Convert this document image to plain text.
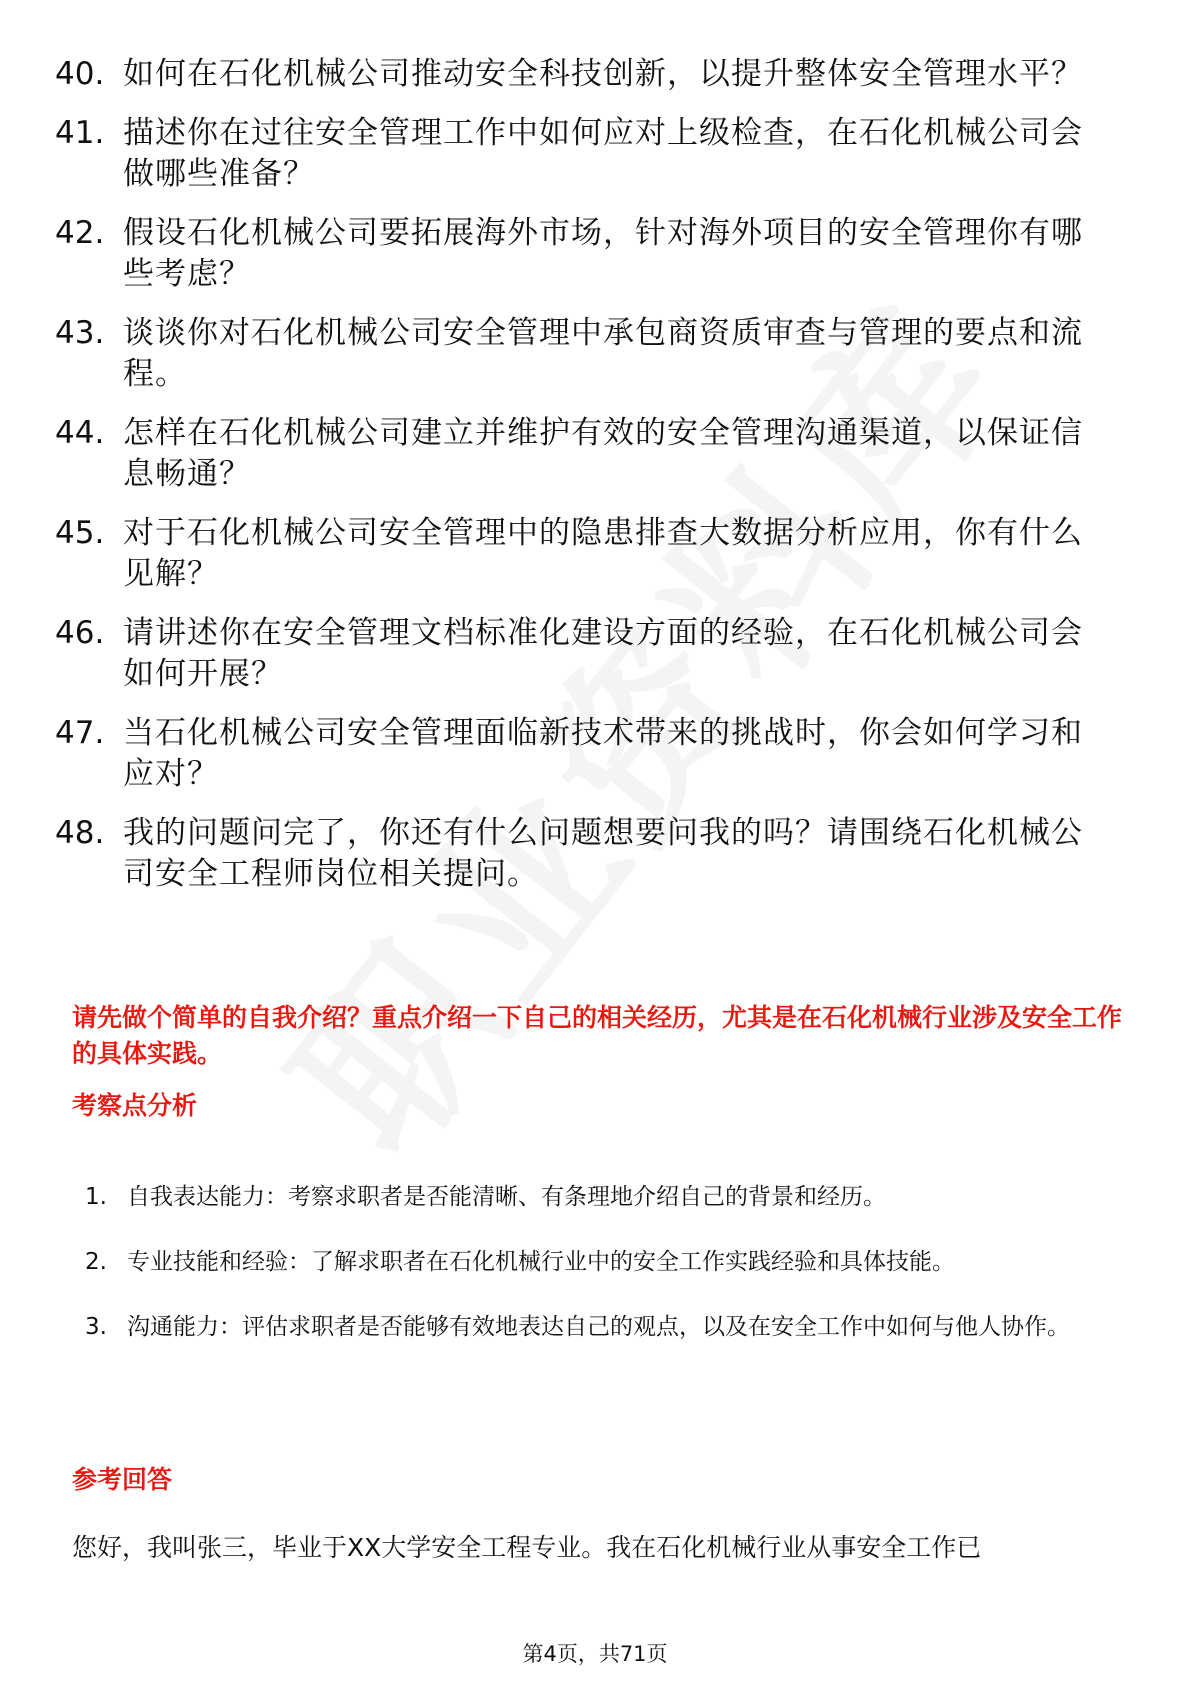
40. 如何在石化机械公司推动安全科技创新，以提升整体安全管理水平？
41. 描述你在过往安全管理工作中如何应对上级检查，在石化机械公司会做哪些准备？
42. 假设石化机械公司要拓展海外市场，针对海外项目的安全管理你有哪些考虑？
43. 谈谈你对石化机械公司安全管理中承包商资质审查与管理的要点和流程。
44. 怎样在石化机械公司建立并维护有效的安全管理沟通渠道，以保证信息畅通？
45. 对于石化机械公司安全管理中的隐患排查大数据分析应用，你有什么见解？
46. 请讲述你在安全管理文档标准化建设方面的经验，在石化机械公司会如何开展？
47. 当石化机械公司安全管理面临新技术带来的挑战时，你会如何学习和应对？
48. 我的问题问完了，你还有什么问题想要问我的吗？请围绕石化机械公司安全工程师岗位相关提问。
请先做个简单的自我介绍？重点介绍一下自己的相关经历，尤其是在石化机械行业涉及安全工作的具体实践。
考察点分析
1. 自我表达能力：考察求职者是否能清晰、有条理地介绍自己的背景和经历。
2. 专业技能和经验：了解求职者在石化机械行业中的安全工作实践经验和具体技能。
3. 沟通能力：评估求职者是否能够有效地表达自己的观点，以及在安全工作中如何与他人协作。
参考回答
您好，我叫张三，毕业于XX大学安全工程专业。我在石化机械行业从事安全工作已
第4页，共71页
